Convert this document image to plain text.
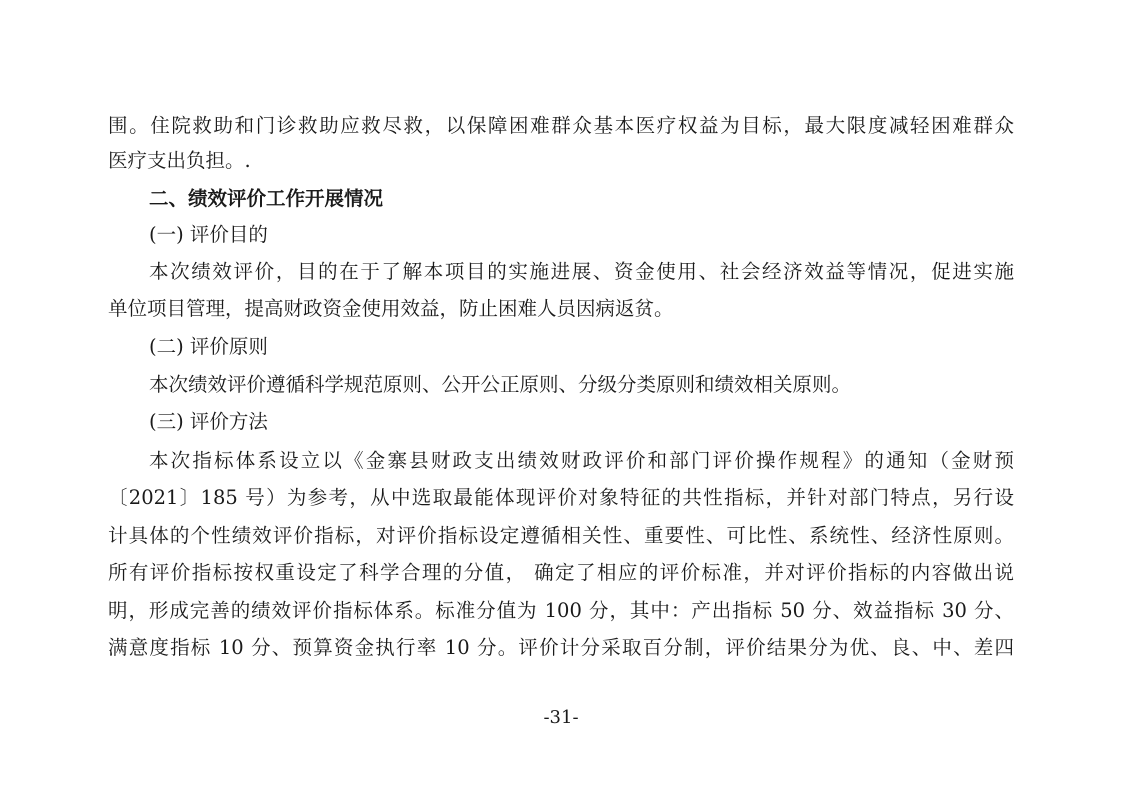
围。住院救助和门诊救助应救尽救，以保障困难群众基本医疗权益为目标，最大限度减轻困难群众
医疗支出负担。.
二、绩效评价工作开展情况
(一) 评价目的
本次绩效评价，目的在于了解本项目的实施进展、资金使用、社会经济效益等情况，促进实施
单位项目管理，提高财政资金使用效益，防止困难人员因病返贫。
(二) 评价原则
本次绩效评价遵循科学规范原则、公开公正原则、分级分类原则和绩效相关原则。
(三) 评价方法
本次指标体系设立以《金寨县财政支出绩效财政评价和部门评价操作规程》的通知（金财预
〔2021〕185 号）为参考，从中选取最能体现评价对象特征的共性指标，并针对部门特点，另行设
计具体的个性绩效评价指标，对评价指标设定遵循相关性、重要性、可比性、系统性、经济性原则。
所有评价指标按权重设定了科学合理的分值， 确定了相应的评价标准，并对评价指标的内容做出说
明，形成完善的绩效评价指标体系。标准分值为 100 分，其中：产出指标 50 分、效益指标 30 分、
满意度指标 10 分、预算资金执行率 10 分。评价计分采取百分制，评价结果分为优、良、中、差四
-31-
